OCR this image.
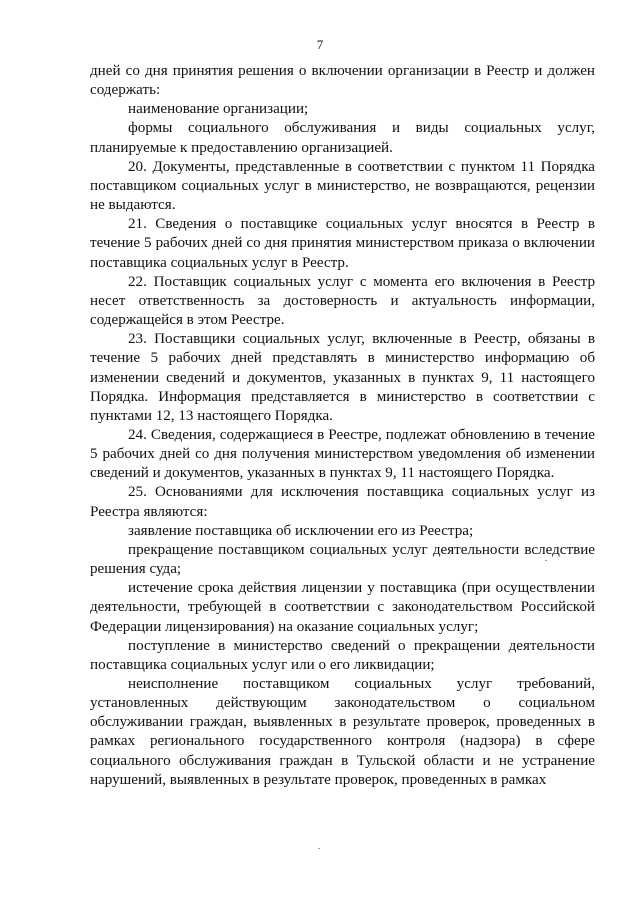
7

дней со дня принятия решения о включении организации в Реестр и должен содержать:

наименование организации;

формы социального обслуживания и виды социальных услуг, планируемые к предоставлению организацией.

20. Документы, представленные в соответствии с пунктом 11 Порядка поставщиком социальных услуг в министерство, не возвращаются, рецензии не выдаются.

21. Сведения о поставщике социальных услуг вносятся в Реестр в течение 5 рабочих дней со дня принятия министерством приказа о включении поставщика социальных услуг в Реестр.

22. Поставщик социальных услуг с момента его включения в Реестр несет ответственность за достоверность и актуальность информации, содержащейся в этом Реестре.

23. Поставщики социальных услуг, включенные в Реестр, обязаны в течение 5 рабочих дней представлять в министерство информацию об изменении сведений и документов, указанных в пунктах 9, 11 настоящего Порядка. Информация представляется в министерство в соответствии с пунктами 12, 13 настоящего Порядка.

24. Сведения, содержащиеся в Реестре, подлежат обновлению в течение 5 рабочих дней со дня получения министерством уведомления об изменении сведений и документов, указанных в пунктах 9, 11 настоящего Порядка.

25. Основаниями для исключения поставщика социальных услуг из Реестра являются:

заявление поставщика об исключении его из Реестра;

прекращение поставщиком социальных услуг деятельности вследствие решения суда;

истечение срока действия лицензии у поставщика (при осуществлении деятельности, требующей в соответствии с законодательством Российской Федерации лицензирования) на оказание социальных услуг;

поступление в министерство сведений о прекращении деятельности поставщика социальных услуг или о его ликвидации;

неисполнение поставщиком социальных услуг требований, установленных действующим законодательством о социальном обслуживании граждан, выявленных в результате проверок, проведенных в рамках регионального государственного контроля (надзора) в сфере социального обслуживания граждан в Тульской области и не устранение нарушений, выявленных в результате проверок, проведенных в рамках
